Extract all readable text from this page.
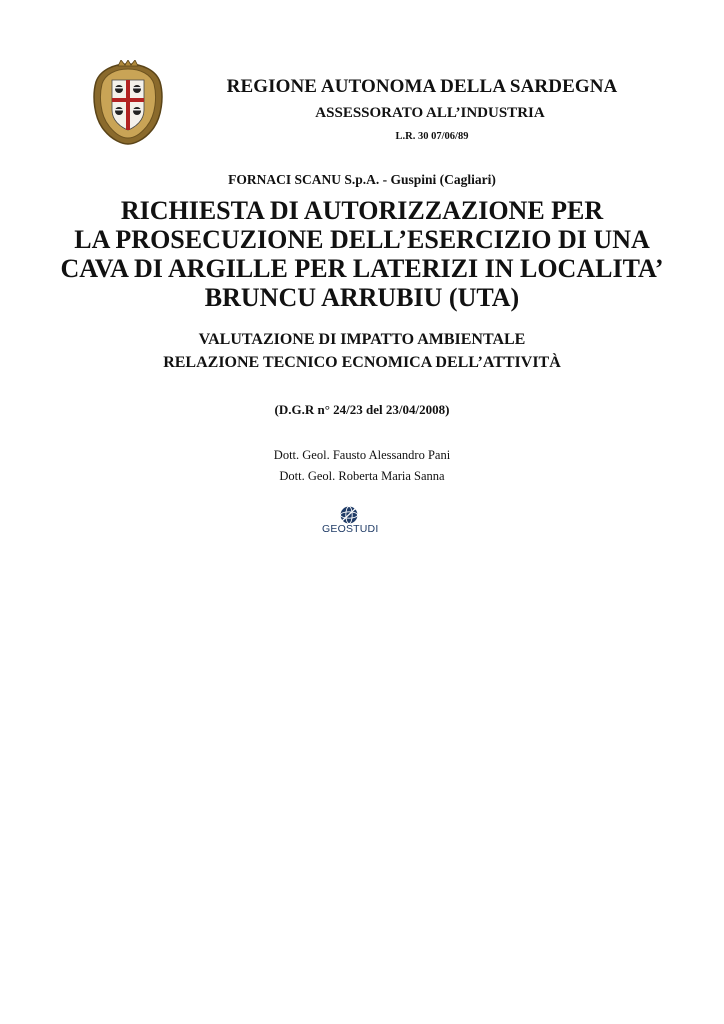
REGIONE AUTONOMA DELLA SARDEGNA
ASSESSORATO ALL’INDUSTRIA
L.R. 30 07/06/89
FORNACI SCANU S.p.A. - Guspini (Cagliari)
RICHIESTA DI AUTORIZZAZIONE PER
LA PROSECUZIONE DELL’ESERCIZIO DI UNA
CAVA DI ARGILLE PER LATERIZI IN LOCALITA’
BRUNCU ARRUBIU (UTA)
VALUTAZIONE DI IMPATTO AMBIENTALE
RELAZIONE TECNICO ECNOMICA DELL’ATTIVITÀ
(D.G.R n° 24/23 del 23/04/2008)
Dott. Geol. Fausto Alessandro Pani
Dott. Geol. Roberta Maria Sanna
GEOSTUDI
